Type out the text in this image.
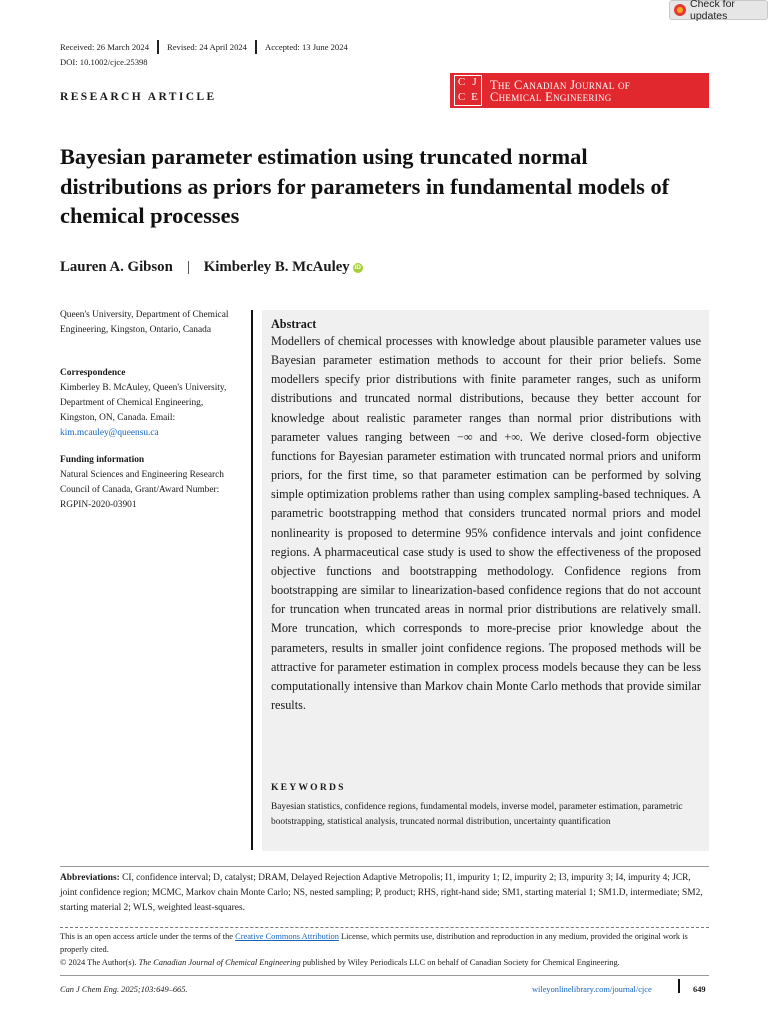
Check for updates
Received: 26 March 2024 Revised: 24 April 2024 Accepted: 13 June 2024
DOI: 10.1002/cjce.25398
RESEARCH ARTICLE
C J
C E
The Canadian Journal of
Chemical Engineering
Bayesian parameter estimation using truncated normal distributions as priors for parameters in fundamental models of chemical processes
Lauren A. Gibson | Kimberley B. McAuley iD
Queen's University, Department of Chemical Engineering, Kingston, Ontario, Canada
Correspondence
Kimberley B. McAuley, Queen's University, Department of Chemical Engineering, Kingston, ON, Canada. Email: kim.mcauley@queensu.ca
Funding information
Natural Sciences and Engineering Research Council of Canada, Grant/Award Number: RGPIN-2020-03901
Abstract
Modellers of chemical processes with knowledge about plausible parameter values use Bayesian parameter estimation methods to account for their prior beliefs. Some modellers specify prior distributions with finite parameter ranges, such as uniform distributions and truncated normal distributions, because they better account for knowledge about realistic parameter ranges than normal prior distributions with parameter values ranging between −∞ and +∞. We derive closed-form objective functions for Bayesian parameter estimation with truncated normal priors and uniform priors, for the first time, so that parameter estimation can be performed by solving simple optimization problems rather than using complex sampling-based techniques. A parametric bootstrapping method that considers truncated normal priors and model nonlinearity is proposed to determine 95% confidence intervals and joint confidence regions. A pharmaceutical case study is used to show the effectiveness of the proposed objective functions and bootstrapping methodology. Confidence regions from bootstrapping are similar to linearization-based confidence regions that do not account for truncation when truncated areas in normal prior distributions are relatively small. More truncation, which corresponds to more-precise prior knowledge about the parameters, results in smaller joint confidence regions. The proposed methods will be attractive for parameter estimation in complex process models because they can be less computationally intensive than Markov chain Monte Carlo methods that provide similar results.
KEYWORDS
Bayesian statistics, confidence regions, fundamental models, inverse model, parameter estimation, parametric bootstrapping, statistical analysis, truncated normal distribution, uncertainty quantification
Abbreviations: CI, confidence interval; D, catalyst; DRAM, Delayed Rejection Adaptive Metropolis; I1, impurity 1; I2, impurity 2; I3, impurity 3; I4, impurity 4; JCR, joint confidence region; MCMC, Markov chain Monte Carlo; NS, nested sampling; P, product; RHS, right-hand side; SM1, starting material 1; SM1.D, intermediate; SM2, starting material 2; WLS, weighted least-squares.
This is an open access article under the terms of the Creative Commons Attribution License, which permits use, distribution and reproduction in any medium, provided the original work is properly cited.
© 2024 The Author(s). The Canadian Journal of Chemical Engineering published by Wiley Periodicals LLC on behalf of Canadian Society for Chemical Engineering.
Can J Chem Eng. 2025;103:649–665.	wileyonlinelibrary.com/journal/cjce	649
